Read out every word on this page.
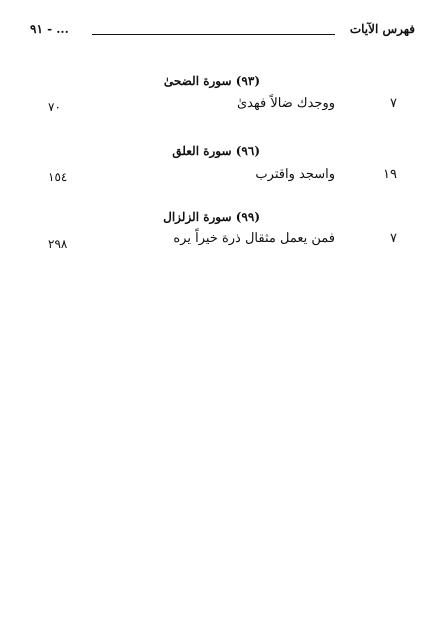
فهرس الآيات
٩١ - ...
(٩٣) سورة الضحىٰ
٧
ووجدك ضالاً فهدىٰ
٧٠
(٩٦) سورة العلق
١٩
واسجد واقترب
١٥٤
(٩٩) سورة الزلزال
٧
فمن يعمل مثقال ذرة خيراً يره
٢٩٨
